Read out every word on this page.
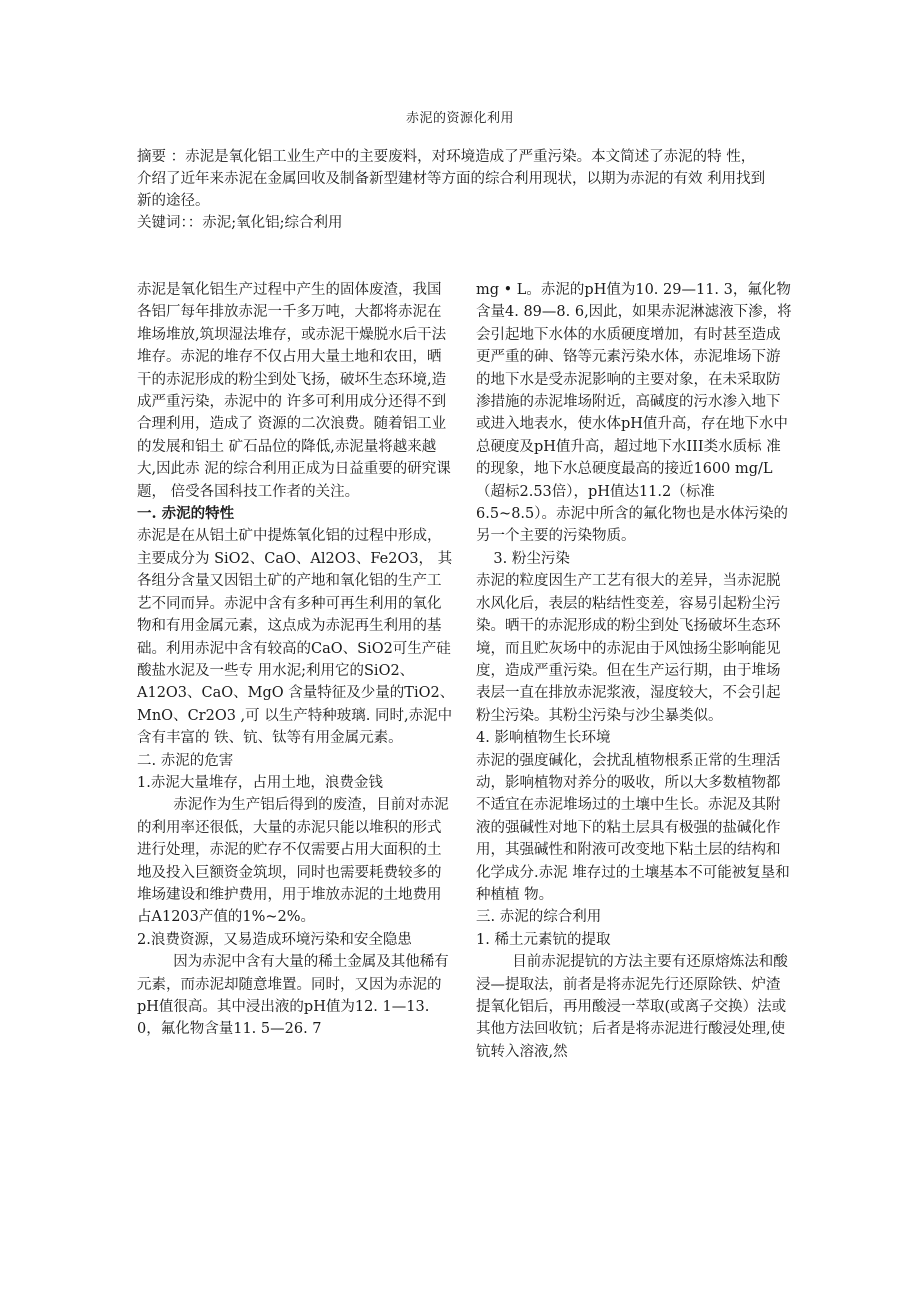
赤泥的资源化利用

摘要 ：赤泥是氧化铝工业生产中的主要废料，对环境造成了严重污染。本文简述了赤泥的特 性，介绍了近年来赤泥在金属回收及制备新型建材等方面的综合利用现状，以期为赤泥的有效 利用找到新的途径。

关键词：：赤泥;氧化铝;综合利用

赤泥是氧化铝生产过程中产生的固体废渣，我国各铝厂每年排放赤泥一千多万吨，大都将赤泥在堆场堆放,筑坝湿法堆存，或赤泥干燥脱水后干法堆存。赤泥的堆存不仅占用大量土地和农田，晒干的赤泥形成的粉尘到处飞扬，破坏生态环境,造成严重污染，赤泥中的 许多可利用成分还得不到合理利用，造成了 资源的二次浪费。随着铝工业的发展和铝土 矿石品位的降低,赤泥量将越来越大,因此赤 泥的综合利用正成为日益重要的研究课题， 倍受各国科技工作者的关注。

一. 赤泥的特性

赤泥是在从铝土矿中提炼氧化铝的过程中形成，主要成分为 SiO2、CaO、Al2O3、Fe2O3， 其各组分含量又因铝土矿的产地和氧化铝的生产工艺不同而异。赤泥中含有多种可再生利用的氧化物和有用金属元素，这点成为赤泥再生利用的基础。利用赤泥中含有较高的CaO、SiO2可生产硅酸盐水泥及一些专 用水泥;利用它的SiO2、A12O3、CaO、MgO 含量特征及少量的TiO2、MnO、Cr2O3 ,可 以生产特种玻璃. 同时,赤泥中含有丰富的 铁、钪、钛等有用金属元素。

二. 赤泥的危害

1.赤泥大量堆存，占用土地，浪费金钱

赤泥作为生产铝后得到的废渣，目前对赤泥的利用率还很低，大量的赤泥只能以堆积的形式进行处理，赤泥的贮存不仅需要占用大面积的土地及投入巨额资金筑坝，同时也需要耗费较多的堆场建设和维护费用，用于堆放赤泥的土地费用占A1203产值的1%~2%。

2.浪费资源，又易造成环境污染和安全隐患

因为赤泥中含有大量的稀土金属及其他稀有元素，而赤泥却随意堆置。同时，又因为赤泥的pH值很高。其中浸出液的pH值为12. 1—13. 0，氟化物含量11. 5—26. 7

mg • L。赤泥的pH值为10. 29—11. 3，氟化物含量4. 89—8. 6,因此，如果赤泥淋滤液下渗，将会引起地下水体的水质硬度增加，有时甚至造成更严重的砷、铬等元素污染水体，赤泥堆场下游的地下水是受赤泥影响的主要对象，在未采取防渗措施的赤泥堆场附近，高碱度的污水渗入地下或进入地表水，使水体pH值升高，存在地下水中总硬度及pH值升高，超过地下水III类水质标 准的现象，地下水总硬度最高的接近1600 mg/L（超标2.53倍），pH值达11.2（标准6.5~8.5）。赤泥中所含的氟化物也是水体污染的另一个主要的污染物质。

3. 粉尘污染

赤泥的粒度因生产工艺有很大的差异，当赤泥脱水风化后，表层的粘结性变差，容易引起粉尘污染。晒干的赤泥形成的粉尘到处飞扬破坏生态环境，而且贮灰场中的赤泥由于风蚀扬尘影响能见度，造成严重污染。但在生产运行期，由于堆场表层一直在排放赤泥浆液，湿度较大，不会引起粉尘污染。其粉尘污染与沙尘暴类似。

4. 影响植物生长环境

赤泥的强度碱化，会扰乱植物根系正常的生理活动，影响植物对养分的吸收，所以大多数植物都不适宜在赤泥堆场过的土壤中生长。赤泥及其附液的强碱性对地下的粘土层具有极强的盐碱化作用，其强碱性和附液可改变地下粘土层的结构和化学成分.赤泥 堆存过的土壤基本不可能被复垦和种植植 物。

三. 赤泥的综合利用

1. 稀土元素钪的提取

目前赤泥提钪的方法主要有还原熔炼法和酸浸—提取法，前者是将赤泥先行还原除铁、炉渣提氧化铝后，再用酸浸一萃取(或离子交换）法或其他方法回收钪；后者是将赤泥进行酸浸处理,使钪转入溶液,然
